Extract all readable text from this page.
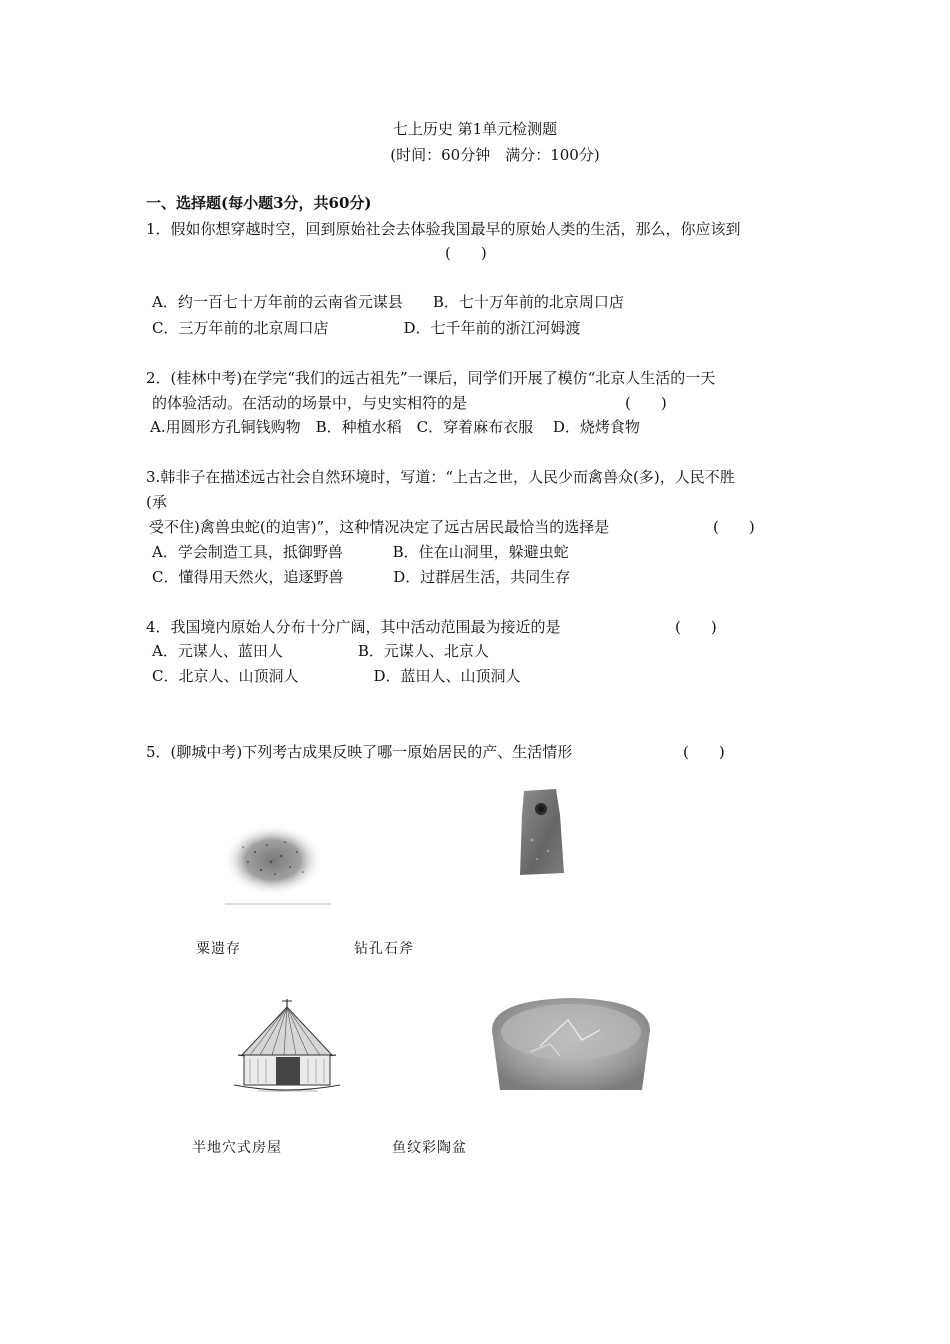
七上历史 第1单元检测题
(时间：60分钟　满分：100分)
一、选择题(每小题3分，共60分)
1．假如你想穿越时空，回到原始社会去体验我国最早的原始人类的生活，那么，你应该到
(　　)
A．约一百七十万年前的云南省元谋县　　B．七十万年前的北京周口店
C．三万年前的北京周口店　　　　　D．七千年前的浙江河姆渡
2．(桂林中考)在学完“我们的远古祖先”一课后，同学们开展了模仿“北京人生活的一天
的体验活动。在活动的场景中，与史实相符的是	(　　)
A.用圆形方孔铜钱购物　B．种植水稻　C．穿着麻布衣服　 D．烧烤食物
3.韩非子在描述远古社会自然环境时，写道：“上古之世，人民少而禽兽众(多)，人民不胜
(承
受不住)禽兽虫蛇(的迫害)”，这种情况决定了远古居民最恰当的选择是	(　　)
A．学会制造工具，抵御野兽　　　 B．住在山洞里，躲避虫蛇
C．懂得用天然火，追逐野兽　　　 D．过群居生活，共同生存
4．我国境内原始人分布十分广阔，其中活动范围最为接近的是	(　　)
A．元谋人、蓝田人　　　　　B．元谋人、北京人
C．北京人、山顶洞人　　　　　D．蓝田人、山顶洞人
5．(聊城中考)下列考古成果反映了哪一原始居民的产、生活情形	(　　)
粟遗存	钻孔石斧
半地穴式房屋	鱼纹彩陶盆
